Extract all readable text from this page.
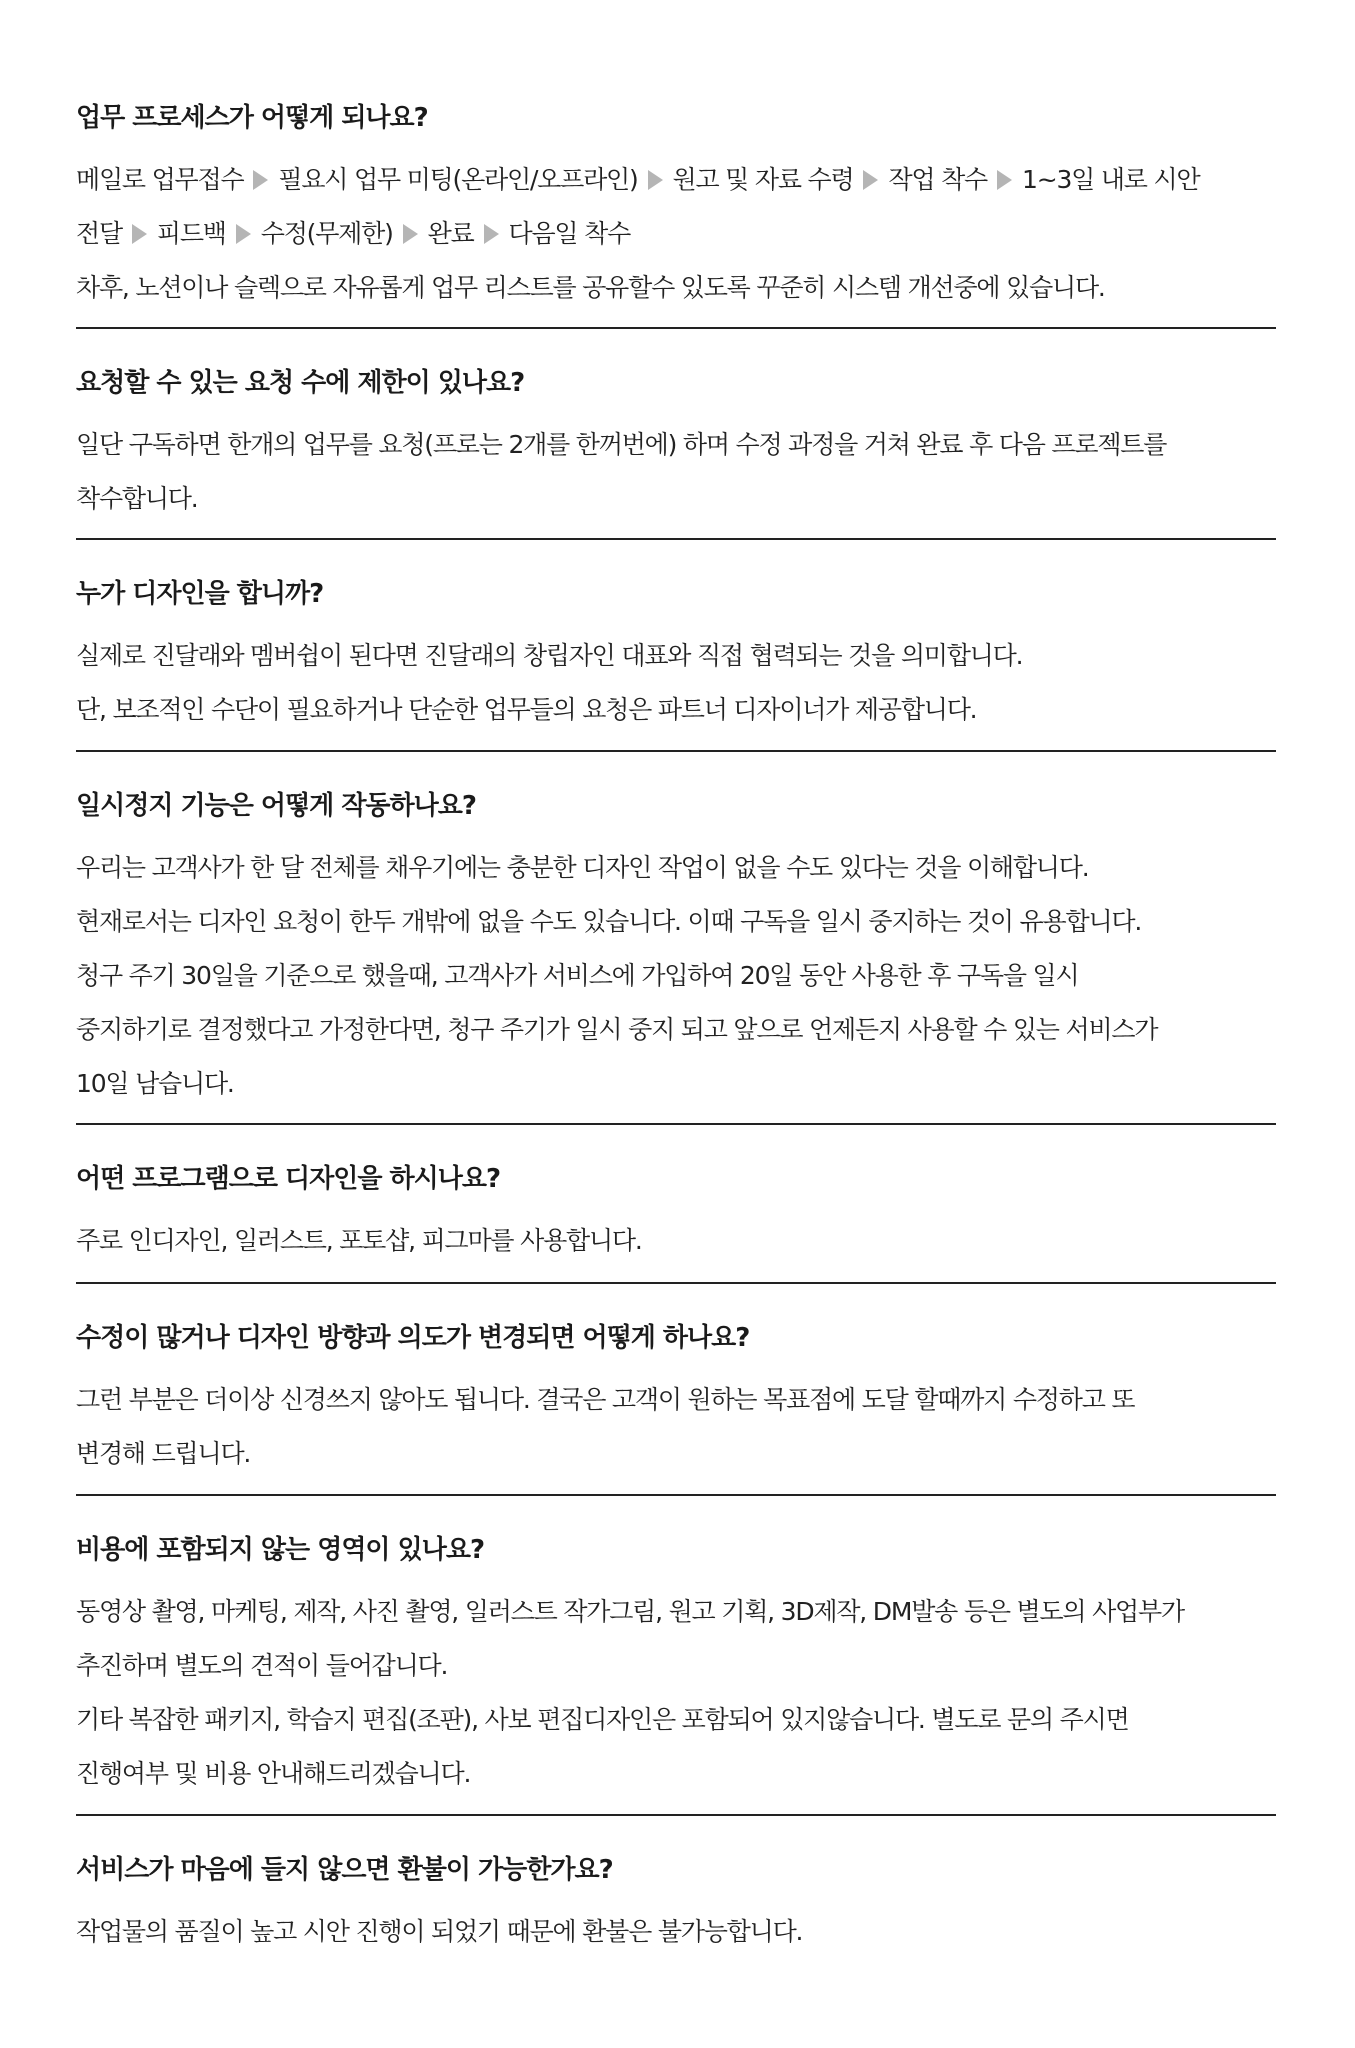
업무 프로세스가 어떻게 되나요?
메일로 업무접수 필요시 업무 미팅(온라인/오프라인) 원고 및 자료 수령 작업 착수 1~3일 내로 시안
전달 피드백 수정(무제한) 완료 다음일 착수
차후, 노션이나 슬렉으로 자유롭게 업무 리스트를 공유할수 있도록 꾸준히 시스템 개선중에 있습니다.
요청할 수 있는 요청 수에 제한이 있나요?
일단 구독하면 한개의 업무를 요청(프로는 2개를 한꺼번에) 하며 수정 과정을 거쳐 완료 후 다음 프로젝트를
착수합니다.
누가 디자인을 합니까?
실제로 진달래와 멤버쉽이 된다면 진달래의 창립자인 대표와 직접 협력되는 것을 의미합니다.
단, 보조적인 수단이 필요하거나 단순한 업무들의 요청은 파트너 디자이너가 제공합니다.
일시정지 기능은 어떻게 작동하나요?
우리는 고객사가 한 달 전체를 채우기에는 충분한 디자인 작업이 없을 수도 있다는 것을 이해합니다.
현재로서는 디자인 요청이 한두 개밖에 없을 수도 있습니다. 이때 구독을 일시 중지하는 것이 유용합니다.
청구 주기 30일을 기준으로 했을때, 고객사가 서비스에 가입하여 20일 동안 사용한 후 구독을 일시
중지하기로 결정했다고 가정한다면, 청구 주기가 일시 중지 되고 앞으로 언제든지 사용할 수 있는 서비스가
10일 남습니다.
어떤 프로그램으로 디자인을 하시나요?
주로 인디자인, 일러스트, 포토샵, 피그마를 사용합니다.
수정이 많거나 디자인 방향과 의도가 변경되면 어떻게 하나요?
그런 부분은 더이상 신경쓰지 않아도 됩니다. 결국은 고객이 원하는 목표점에 도달 할때까지 수정하고 또
변경해 드립니다.
비용에 포함되지 않는 영역이 있나요?
동영상 촬영, 마케팅, 제작, 사진 촬영, 일러스트 작가그림, 원고 기획, 3D제작, DM발송 등은 별도의 사업부가
추진하며 별도의 견적이 들어갑니다.
기타 복잡한 패키지, 학습지 편집(조판), 사보 편집디자인은 포함되어 있지않습니다. 별도로 문의 주시면
진행여부 및 비용 안내해드리겠습니다.
서비스가 마음에 들지 않으면 환불이 가능한가요?
작업물의 품질이 높고 시안 진행이 되었기 때문에 환불은 불가능합니다.
